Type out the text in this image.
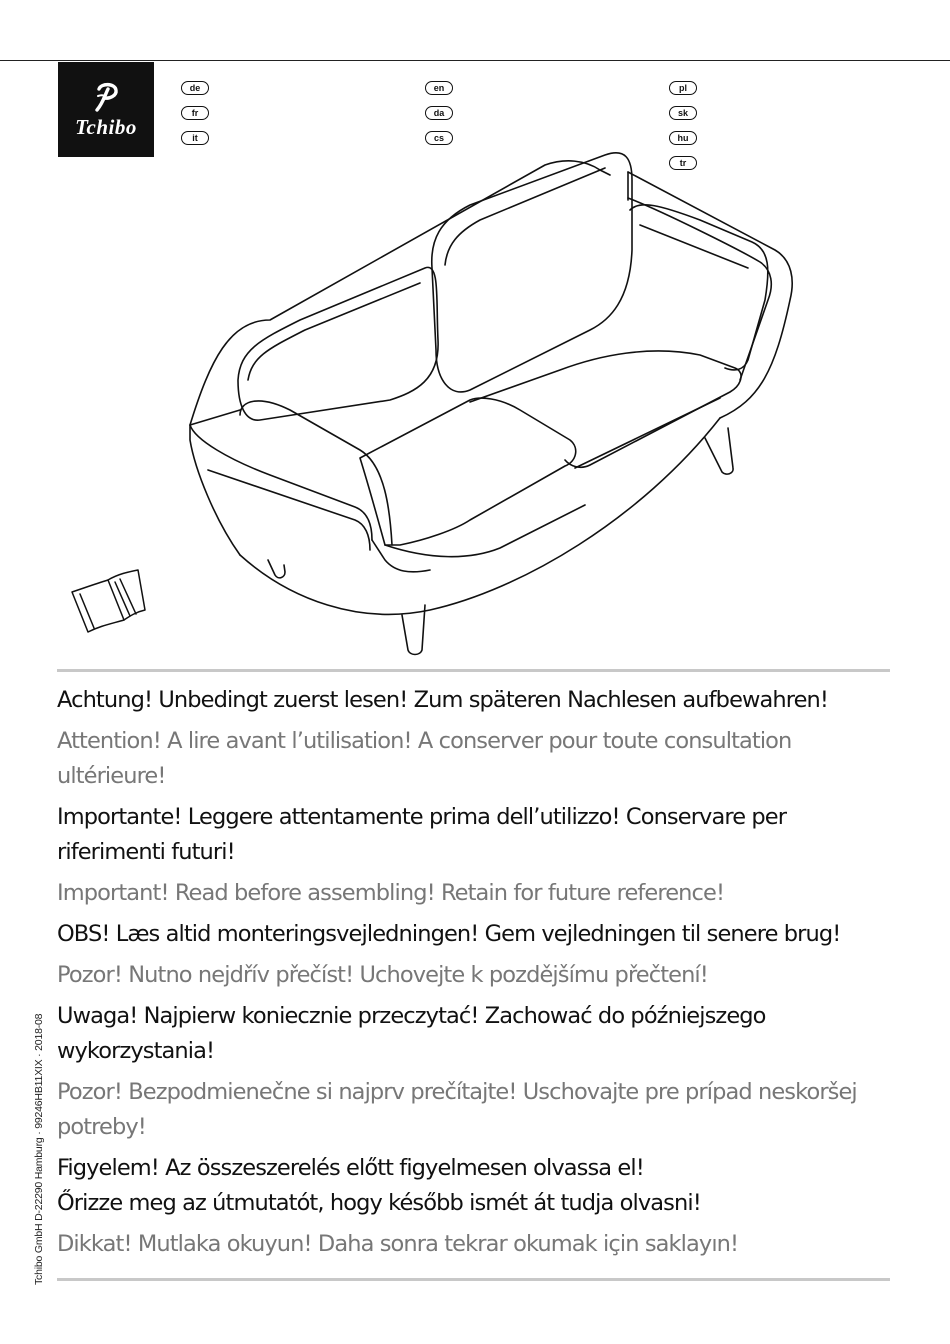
Tchibo
de
fr
it
en
da
cs
pl
sk
hu
tr
Achtung! Unbedingt zuerst lesen! Zum späteren Nachlesen aufbewahren!
Attention! A lire avant l’utilisation! A conserver pour toute consultation ultérieure!
Importante! Leggere attentamente prima dell’utilizzo! Conservare per riferimenti futuri!
Important! Read before assembling! Retain for future reference!
OBS! Læs altid monteringsvejledningen! Gem vejledningen til senere brug!
Pozor! Nutno nejdřív přečíst! Uchovejte k pozdějšímu přečtení!
Uwaga! Najpierw koniecznie przeczytać! Zachować do późniejszego wykorzystania!
Pozor! Bezpodmienečne si najprv prečítajte! Uschovajte pre prípad neskoršej potreby!
Figyelem! Az összeszerelés előtt figyelmesen olvassa el!
Őrizze meg az útmutatót, hogy később ismét át tudja olvasni!
Dikkat! Mutlaka okuyun! Daha sonra tekrar okumak için saklayın!
Tchibo GmbH D-22290 Hamburg · 99246HB11XIX · 2018-08
